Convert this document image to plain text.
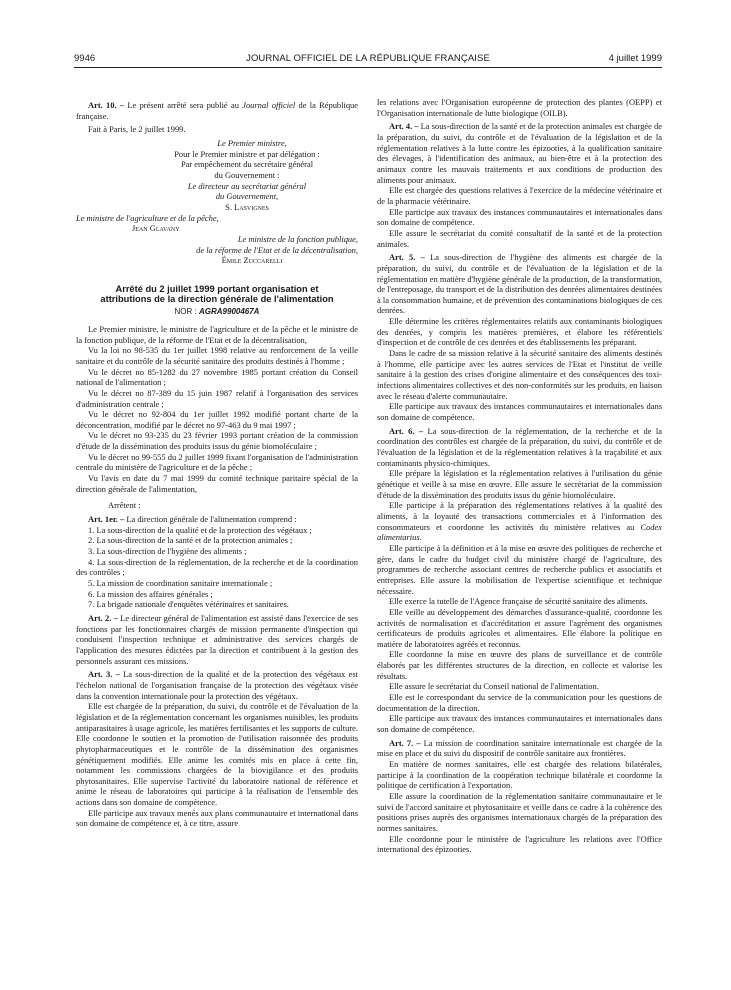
9946	JOURNAL OFFICIEL DE LA RÉPUBLIQUE FRANÇAISE	4 juillet 1999

Art. 10. – Le présent arrêté sera publié au Journal officiel de la République française.

Fait à Paris, le 2 juillet 1999.

Le Premier ministre,

Pour le Premier ministre et par délégation :

Par empêchement du secrétaire général

du Gouvernement :

Le directeur au secrétariat général

du Gouvernement,

S. Lasvignes

Le ministre de l'agriculture et de la pêche,

Jean Glavany

Le ministre de la fonction publique,

de la réforme de l'Etat et de la décentralisation,

Émile Zuccarelli

Arrêté du 2 juillet 1999 portant organisation et attributions de la direction générale de l'alimentation

NOR : AGRA9900467A

Le Premier ministre, le ministre de l'agriculture et de la pêche et le ministre de la fonction publique, de la réforme de l'Etat et de la décentralisation,

Vu la loi no 98-535 du 1er juillet 1998 relative au renforcement de la veille sanitaire et du contrôle de la sécurité sanitaire des produits destinés à l'homme ;

Vu le décret no 85-1282 du 27 novembre 1985 portant création du Conseil national de l'alimentation ;

Vu le décret no 87-389 du 15 juin 1987 relatif à l'organisation des services d'administration centrale ;

Vu le décret no 92-804 du 1er juillet 1992 modifié portant charte de la déconcentration, modifié par le décret no 97-463 du 9 mai 1997 ;

Vu le décret no 93-235 du 23 février 1993 portant création de la commission d'étude de la dissémination des produits issus du génie biomoléculaire ;

Vu le décret no 99-555 du 2 juillet 1999 fixant l'organisation de l'administration centrale du ministère de l'agriculture et de la pêche ;

Vu l'avis en date du 7 mai 1999 du comité technique paritaire spécial de la direction générale de l'alimentation,

Arrêtent :

Art. 1er. – La direction générale de l'alimentation comprend :

1. La sous-direction de la qualité et de la protection des végétaux ;

2. La sous-direction de la santé et de la protection animales ;

3. La sous-direction de l'hygiène des aliments ;

4. La sous-direction de la réglementation, de la recherche et de la coordination des contrôles ;

5. La mission de coordination sanitaire internationale ;

6. La mission des affaires générales ;

7. La brigade nationale d'enquêtes vétérinaires et sanitaires.

Art. 2. – Le directeur général de l'alimentation est assisté dans l'exercice de ses fonctions par les fonctionnaires chargés de mission permanente d'inspection qui conduisent l'inspection technique et administrative des services chargés de l'application des mesures édictées par la direction et contribuent à la gestion des personnels assurant ces missions.

Art. 3. – La sous-direction de la qualité et de la protection des végétaux est l'échelon national de l'organisation française de la protection des végétaux visée dans la convention internationale pour la protection des végétaux.

Elle est chargée de la préparation, du suivi, du contrôle et de l'évaluation de la législation et de la réglementation concernant les organismes nuisibles, les produits antiparasitaires à usage agricole, les matières fertilisantes et les supports de culture. Elle coordonne le soutien et la promotion de l'utilisation raisonnée des produits phytopharmaceutiques et le contrôle de la dissémination des organismes génétiquement modifiés. Elle anime les comités mis en place à cette fin, notamment les commissions chargées de la biovigilance et des produits phytosanitaires. Elle supervise l'activité du laboratoire national de référence et anime le réseau de laboratoires qui participe à la réalisation de l'ensemble des actions dans son domaine de compétence.

Elle participe aux travaux menés aux plans communautaire et international dans son domaine de compétence et, à ce titre, assure

les relations avec l'Organisation européenne de protection des plantes (OEPP) et l'Organisation internationale de lutte biologique (OILB).

Art. 4. – La sous-direction de la santé et de la protection animales est chargée de la préparation, du suivi, du contrôle et de l'évaluation de la législation et de la réglementation relatives à la lutte contre les épizooties, à la qualification sanitaire des élevages, à l'identification des animaux, au bien-être et à la protection des animaux contre les mauvais traitements et aux conditions de production des aliments pour animaux.

Elle est chargée des questions relatives à l'exercice de la médecine vétérinaire et de la pharmacie vétérinaire.

Elle participe aux travaux des instances communautaires et internationales dans son domaine de compétence.

Elle assure le secrétariat du comité consultatif de la santé et de la protection animales.

Art. 5. – La sous-direction de l'hygiène des aliments est chargée de la préparation, du suivi, du contrôle et de l'évaluation de la législation et de la réglementation en matière d'hygiène générale de la production, de la transformation, de l'entreposage, du transport et de la distribution des denrées alimentaires destinées à la consommation humaine, et de prévention des contaminations biologiques de ces denrées.

Elle détermine les critères réglementaires relatifs aux contaminants biologiques des denrées, y compris les matières premières, et élabore les référentiels d'inspection et de contrôle de ces denrées et des établissements les préparant.

Dans le cadre de sa mission relative à la sécurité sanitaire des aliments destinés à l'homme, elle participe avec les autres services de l'Etat et l'institut de veille sanitaire à la gestion des crises d'origine alimentaire et des conséquences des toxi-infections alimentaires collectives et des non-conformités sur les produits, en liaison avec le réseau d'alerte communautaire.

Elle participe aux travaux des instances communautaires et internationales dans son domaine de compétence.

Art. 6. – La sous-direction de la réglementation, de la recherche et de la coordination des contrôles est chargée de la préparation, du suivi, du contrôle et de l'évaluation de la législation et de la réglementation relatives à la traçabilité et aux contaminants physico-chimiques.

Elle prépare la législation et la réglementation relatives à l'utilisation du génie génétique et veille à sa mise en œuvre. Elle assure le secrétariat de la commission d'étude de la dissémination des produits issus du génie biomoléculaire.

Elle participe à la préparation des réglementations relatives à la qualité des aliments, à la loyauté des transactions commerciales et à l'information des consommateurs et coordonne les activités du ministère relatives au Codex alimentarius.

Elle participe à la définition et à la mise en œuvre des politiques de recherche et gère, dans le cadre du budget civil du ministère chargé de l'agriculture, des programmes de recherche associant centres de recherche publics et associatifs et entreprises. Elle assure la mobilisation de l'expertise scientifique et technique nécessaire.

Elle exerce la tutelle de l'Agence française de sécurité sanitaire des aliments.

Elle veille au développement des démarches d'assurance-qualité, coordonne les activités de normalisation et d'accréditation et assure l'agrément des organismes certificateurs de produits agricoles et alimentaires. Elle élabore la politique en matière de laboratoires agréés et reconnus.

Elle coordonne la mise en œuvre des plans de surveillance et de contrôle élaborés par les différentes structures de la direction, en collecte et valorise les résultats.

Elle assure le secrétariat du Conseil national de l'alimentation.

Elle est le correspondant du service de la communication pour les questions de documentation de la direction.

Elle participe aux travaux des instances communautaires et internationales dans son domaine de compétence.

Art. 7. – La mission de coordination sanitaire internationale est chargée de la mise en place et du suivi du dispositif de contrôle sanitaire aux frontières.

En matière de normes sanitaires, elle est chargée des relations bilatérales, participe à la coordination de la coopération technique bilatérale et coordonne la politique de certification à l'exportation.

Elle assure la coordination de la réglementation sanitaire communautaire et le suivi de l'accord sanitaire et phytosanitaire et veille dans ce cadre à la cohérence des positions prises auprès des organismes internationaux chargés de la préparation des normes sanitaires.

Elle coordonne pour le ministère de l'agriculture les relations avec l'Office international des épizooties.
